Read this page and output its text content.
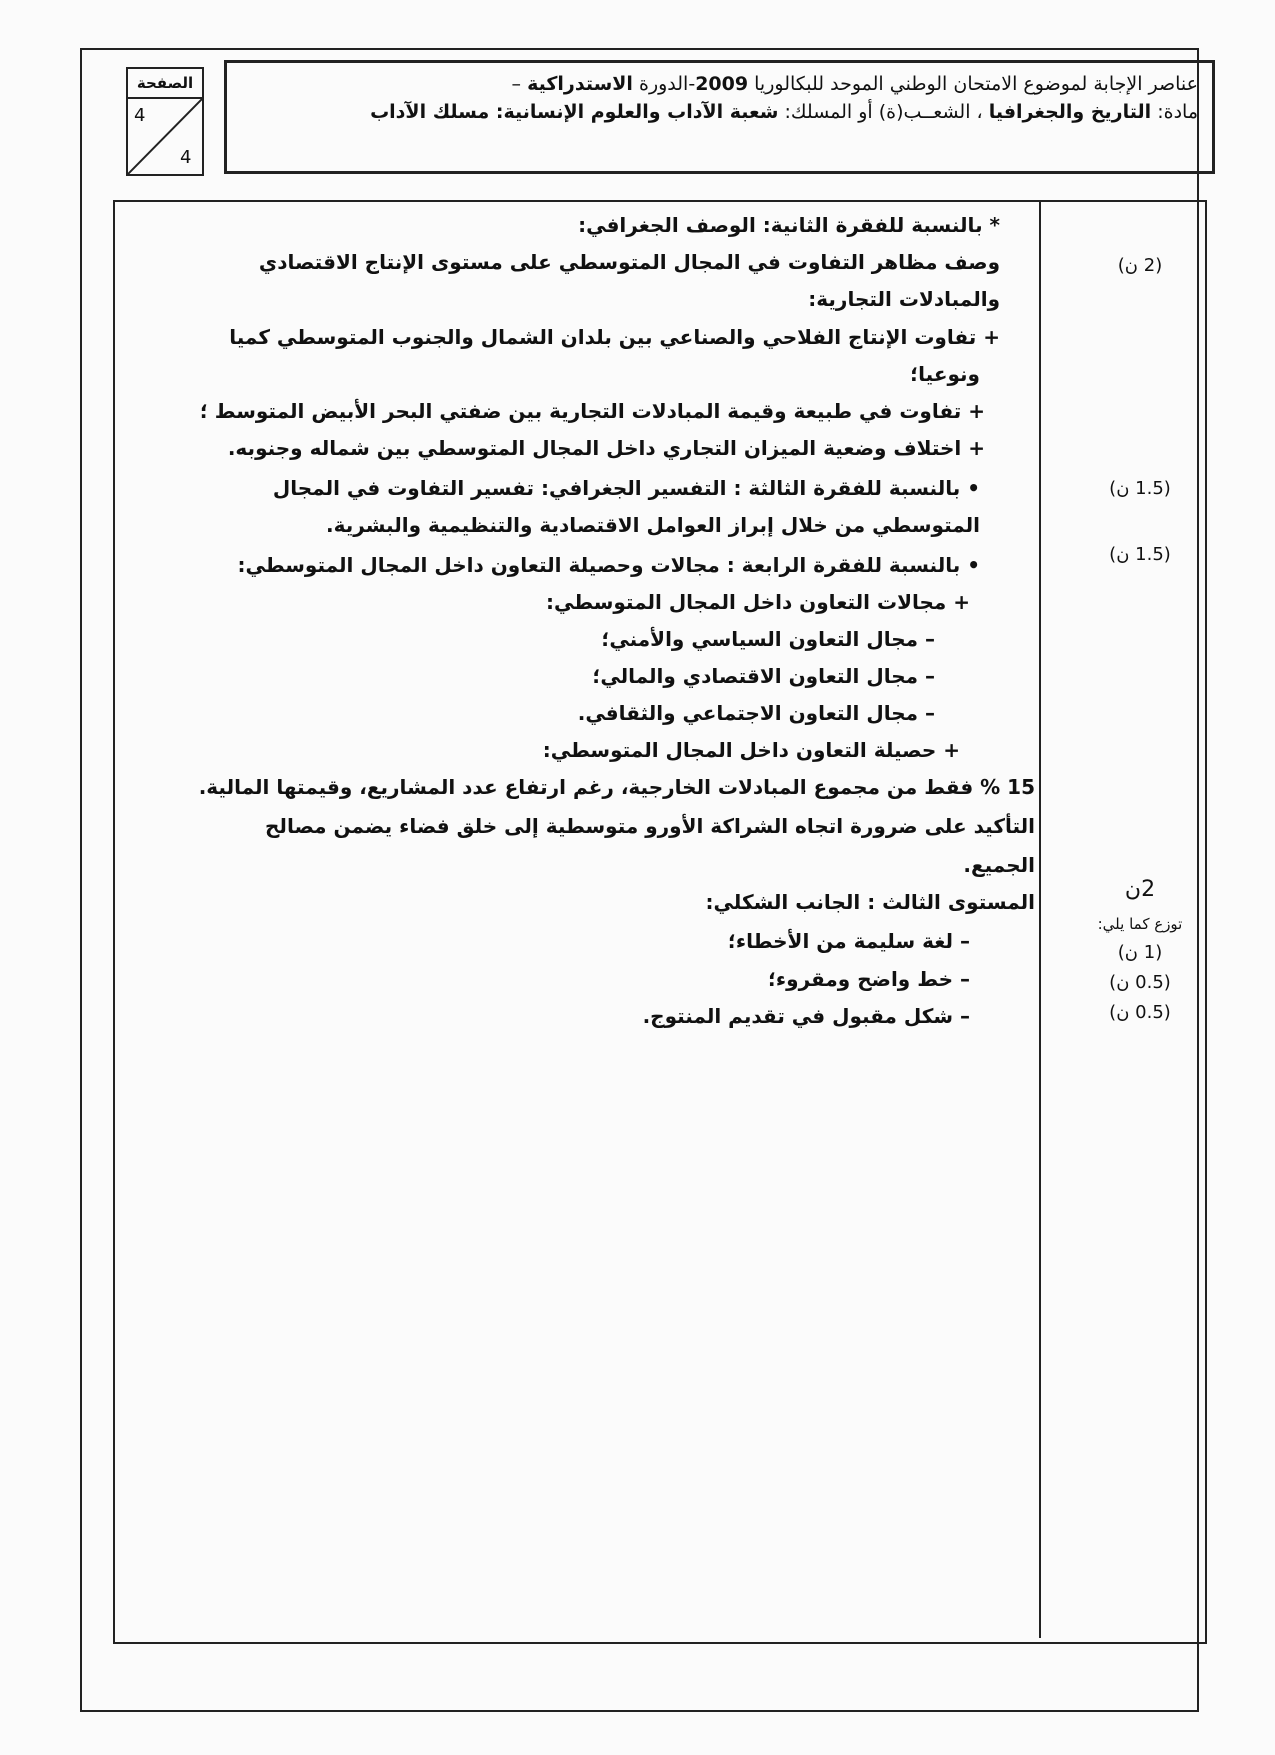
الصفحة
4
4
عناصر الإجابة لموضوع الامتحان الوطني الموحد للبكالوريا 2009-الدورة الاستدراكية –
مادة: التاريخ والجغرافيا ، الشعــب(ة) أو المسلك: شعبة الآداب والعلوم الإنسانية: مسلك الآداب
* بالنسبة للفقرة الثانية: الوصف الجغرافي:
وصف مظاهر التفاوت في المجال المتوسطي على مستوى الإنتاج الاقتصادي
والمبادلات التجارية:
+ تفاوت الإنتاج الفلاحي والصناعي بين بلدان الشمال والجنوب المتوسطي كميا
ونوعيا؛
+ تفاوت في طبيعة وقيمة المبادلات التجارية بين ضفتي البحر الأبيض المتوسط ؛
+ اختلاف وضعية الميزان التجاري داخل المجال المتوسطي بين شماله وجنوبه.
• بالنسبة للفقرة الثالثة : التفسير الجغرافي: تفسير التفاوت في المجال
المتوسطي من خلال إبراز العوامل الاقتصادية والتنظيمية والبشرية.
• بالنسبة للفقرة الرابعة : مجالات وحصيلة التعاون داخل المجال المتوسطي:
+ مجالات التعاون داخل المجال المتوسطي:
– مجال التعاون السياسي والأمني؛
– مجال التعاون الاقتصادي والمالي؛
– مجال التعاون الاجتماعي والثقافي.
+ حصيلة التعاون داخل المجال المتوسطي:
15 % فقط من مجموع المبادلات الخارجية، رغم ارتفاع عدد المشاريع، وقيمتها المالية.
التأكيد على ضرورة اتجاه الشراكة الأورو متوسطية إلى خلق فضاء يضمن مصالح
الجميع.
المستوى الثالث : الجانب الشكلي:
– لغة سليمة من الأخطاء؛
– خط واضح ومقروء؛
– شكل مقبول في تقديم المنتوج.
(2 ن)
(1.5 ن)
(1.5 ن)
2ن
توزع كما يلي:
(1 ن)
(0.5 ن)
(0.5 ن)
